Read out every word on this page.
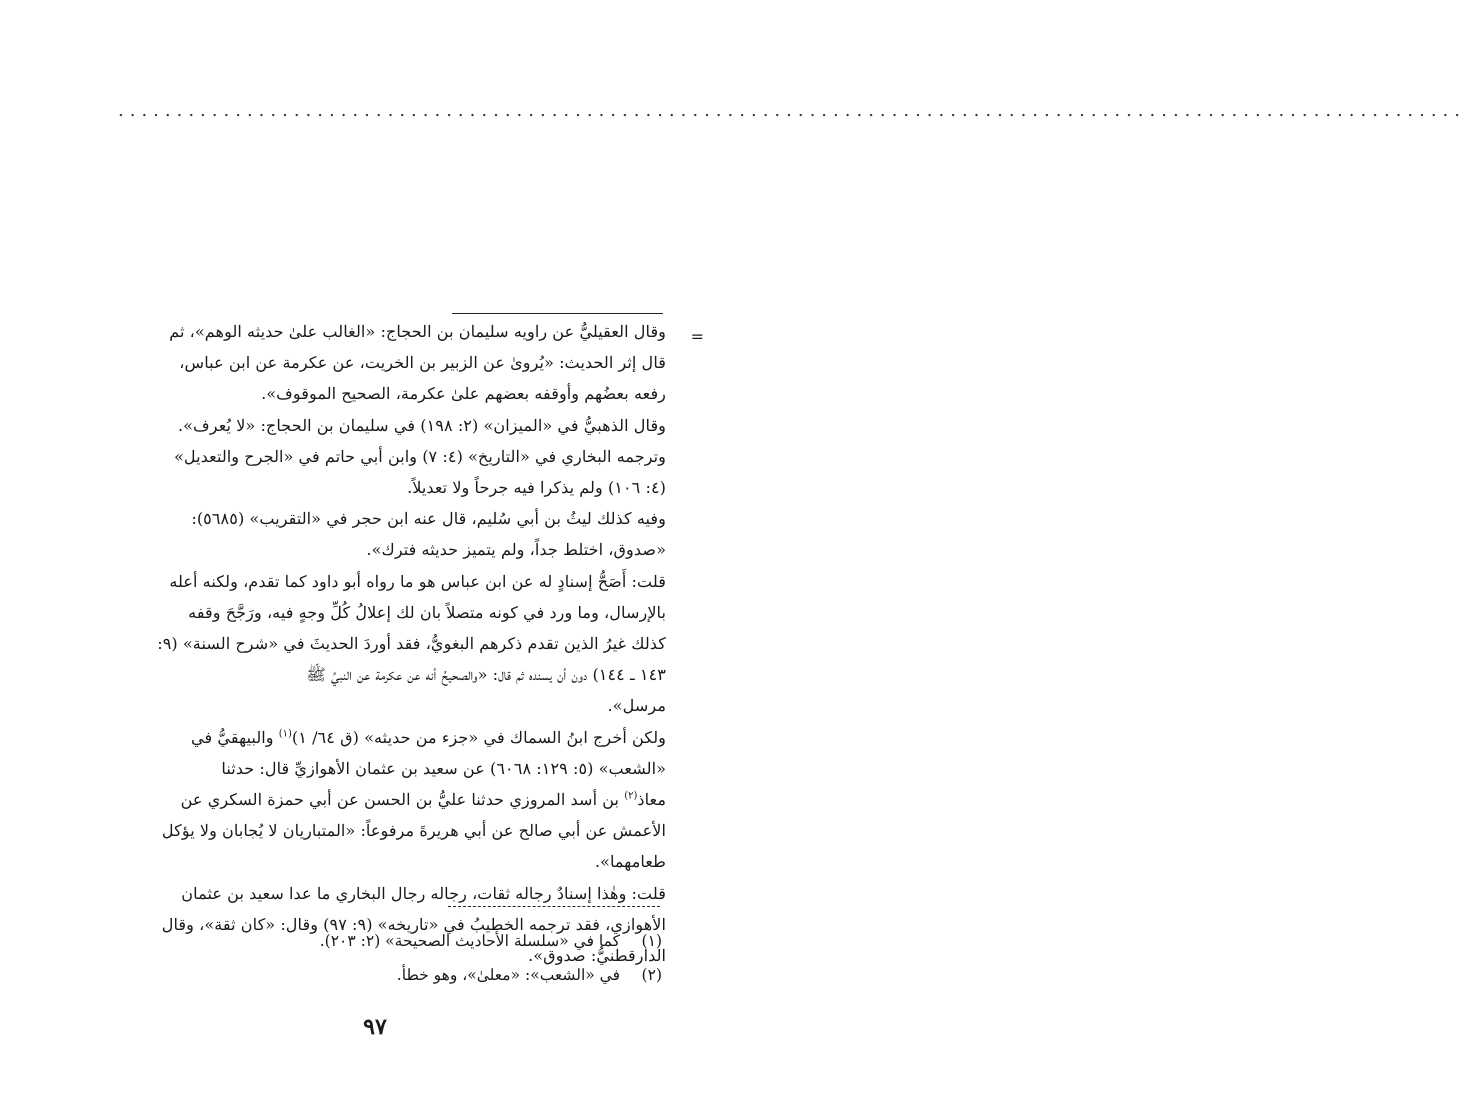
...................................................................................................................
=
وقال العقيليُّ عن راويه سليمان بن الحجاج: «الغالب علىٰ حديثه الوهم»، ثم
قال إثر الحديث: «يُروىٰ عن الزبير بن الخريت، عن عكرمة عن ابن عباس،
رفعه بعضُهم وأوقفه بعضهم علىٰ عكرمة، الصحيح الموقوف».
وقال الذهبيُّ في «الميزان» (٢: ١٩٨) في سليمان بن الحجاج: «لا يُعرف».
وترجمه البخاري في «التاريخ» (٤: ٧) وابن أبي حاتم في «الجرح والتعديل»
(٤: ١٠٦) ولم يذكرا فيه جرحاً ولا تعديلاً.
وفيه كذلك ليثُ بن أبي سُليم، قال عنه ابن حجر في «التقريب» (٥٦٨٥):
«صدوق، اختلط جداً، ولم يتميز حديثه فترك».
قلت: أَصَحُّ إسنادٍ له عن ابن عباس هو ما رواه أبو داود كما تقدم، ولكنه أعله
بالإرسال، وما ورد في كونه متصلاً بان لك إعلالُ كُلِّ وجهٍ فيه، ورَجَّحَ وقفه
كذلك غيرُ الذين تقدم ذكرهم البغويُّ، فقد أوردَ الحديثَ في «شرح السنة» (٩:
١٤٣ ـ ١٤٤) دون أن يسنده ثم قال: «والصحيحُ أنه عن عكرمة عن النبيِّ ﷺ
مرسل».
ولكن أخرج ابنُ السماك في «جزء من حديثه» (ق ٦٤/ ١)$^{(١)}$ والبيهقيُّ في
«الشعب» (٥: ١٢٩: ٦٠٦٨) عن سعيد بن عثمان الأهوازيِّ قال: حدثنا
معاذ$^{(٢)}$ بن أسد المروزي حدثنا عليُّ بن الحسن عن أبي حمزة السكري عن
الأعمش عن أبي صالح عن أبي هريرةَ مرفوعاً: «المتباريان لا يُجابان ولا يؤكل
طعامهما».
قلت: وهٰذا إسنادٌ رجاله ثقات، رجاله رجال البخاري ما عدا سعيد بن عثمان
الأهوازي، فقد ترجمه الخطيبُ في «تاريخه» (٩: ٩٧) وقال: «كان ثقة»، وقال
الدارقطنيُّ: صدوق».
(١)كما في «سلسلة الأحاديث الصحيحة» (٢: ٢٠٣).
(٢)في «الشعب»: «معلىٰ»، وهو خطأ.
٩٧
